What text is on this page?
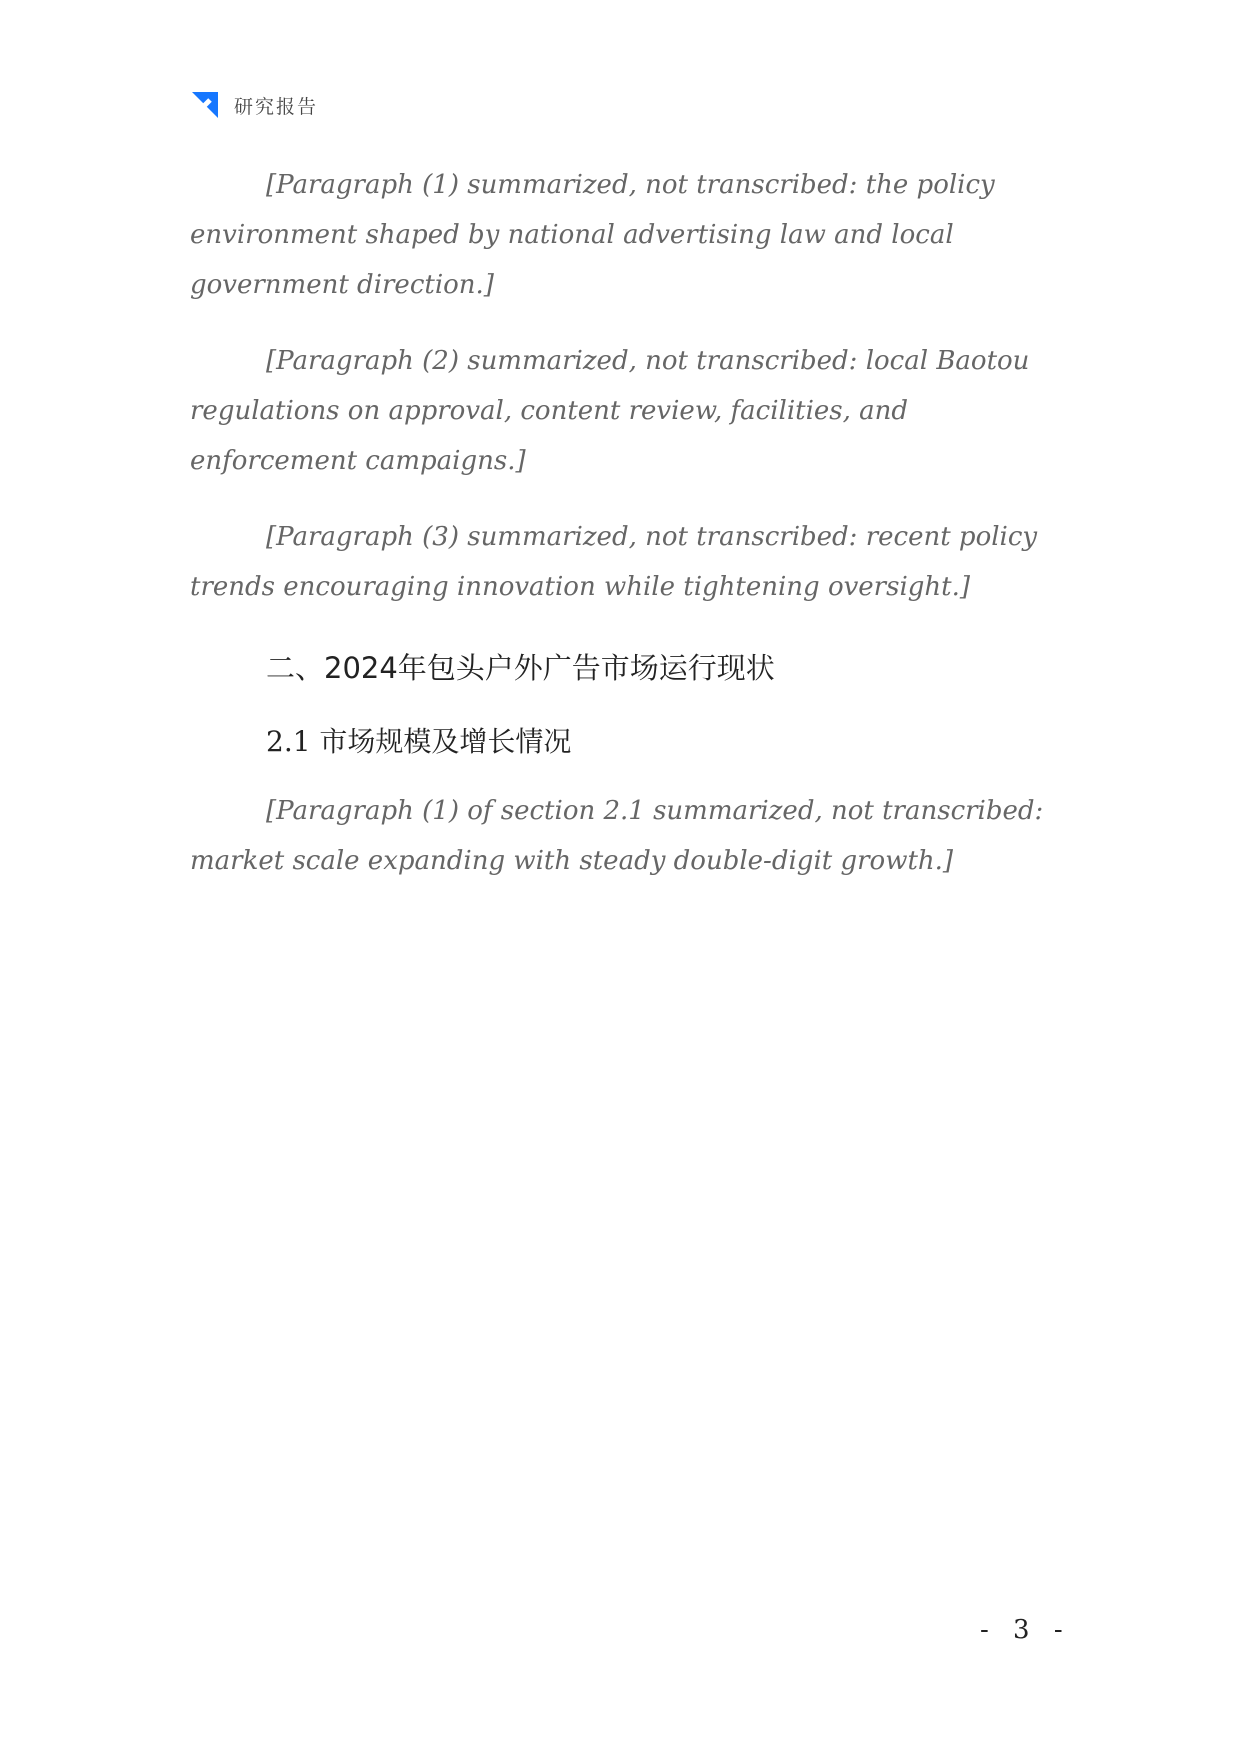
研究报告

[Paragraph (1) summarized, not transcribed: the policy environment shaped by national advertising law and local government direction.]

[Paragraph (2) summarized, not transcribed: local Baotou regulations on approval, content review, facilities, and enforcement campaigns.]

[Paragraph (3) summarized, not transcribed: recent policy trends encouraging innovation while tightening oversight.]

二、2024年包头户外广告市场运行现状
2.1 市场规模及增长情况

[Paragraph (1) of section 2.1 summarized, not transcribed: market scale expanding with steady double-digit growth.]

- 3 -
